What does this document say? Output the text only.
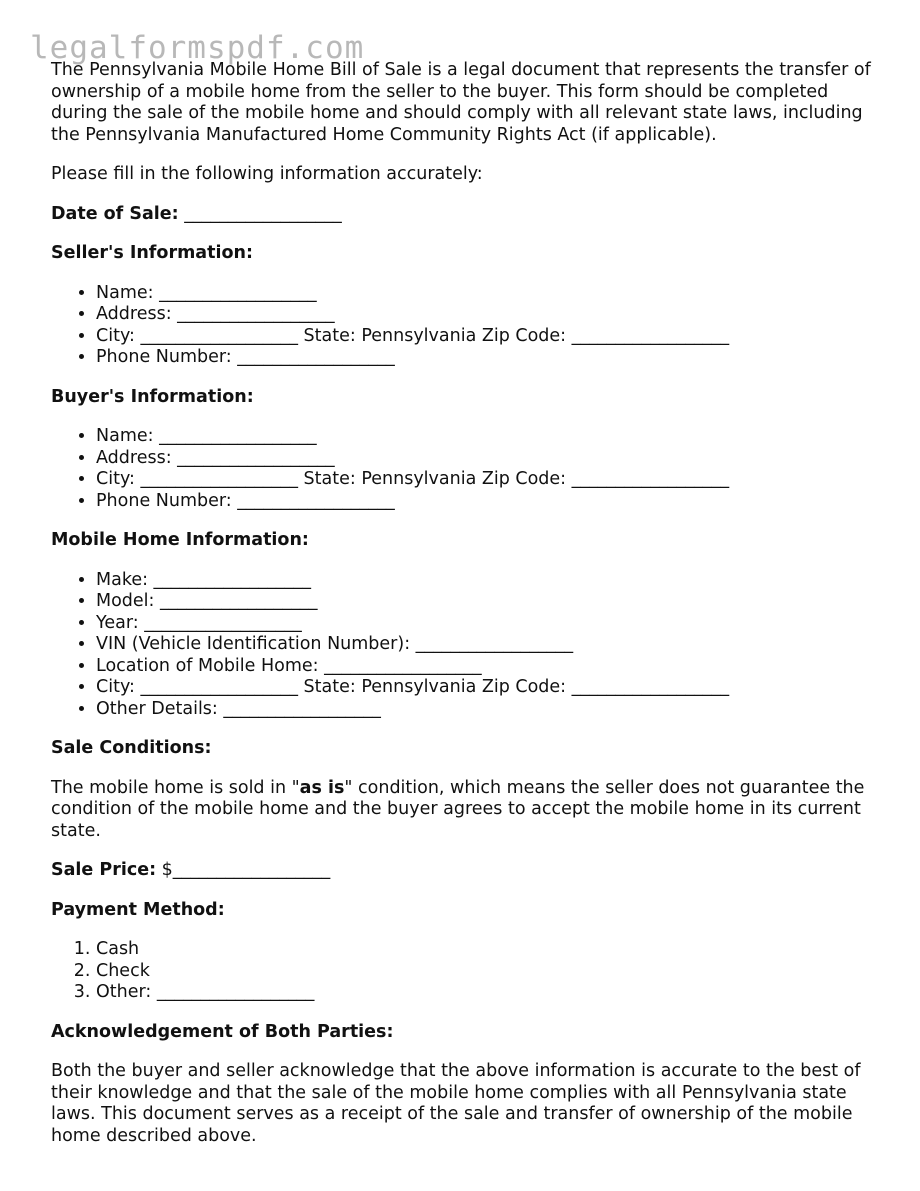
legalformspdf.com

The Pennsylvania Mobile Home Bill of Sale is a legal document that represents the transfer of ownership of a mobile home from the seller to the buyer. This form should be completed during the sale of the mobile home and should comply with all relevant state laws, including the Pennsylvania Manufactured Home Community Rights Act (if applicable).

Please fill in the following information accurately:

Date of Sale: __________________

Seller's Information:

• Name: __________________
• Address: __________________
• City: __________________ State: Pennsylvania Zip Code: __________________
• Phone Number: __________________

Buyer's Information:

• Name: __________________
• Address: __________________
• City: __________________ State: Pennsylvania Zip Code: __________________
• Phone Number: __________________

Mobile Home Information:

• Make: __________________
• Model: __________________
• Year: __________________
• VIN (Vehicle Identification Number): __________________
• Location of Mobile Home: __________________
• City: __________________ State: Pennsylvania Zip Code: __________________
• Other Details: __________________

Sale Conditions:

The mobile home is sold in "as is" condition, which means the seller does not guarantee the condition of the mobile home and the buyer agrees to accept the mobile home in its current state.

Sale Price: $__________________

Payment Method:

1. Cash
2. Check
3. Other: __________________

Acknowledgement of Both Parties:

Both the buyer and seller acknowledge that the above information is accurate to the best of their knowledge and that the sale of the mobile home complies with all Pennsylvania state laws. This document serves as a receipt of the sale and transfer of ownership of the mobile home described above.
